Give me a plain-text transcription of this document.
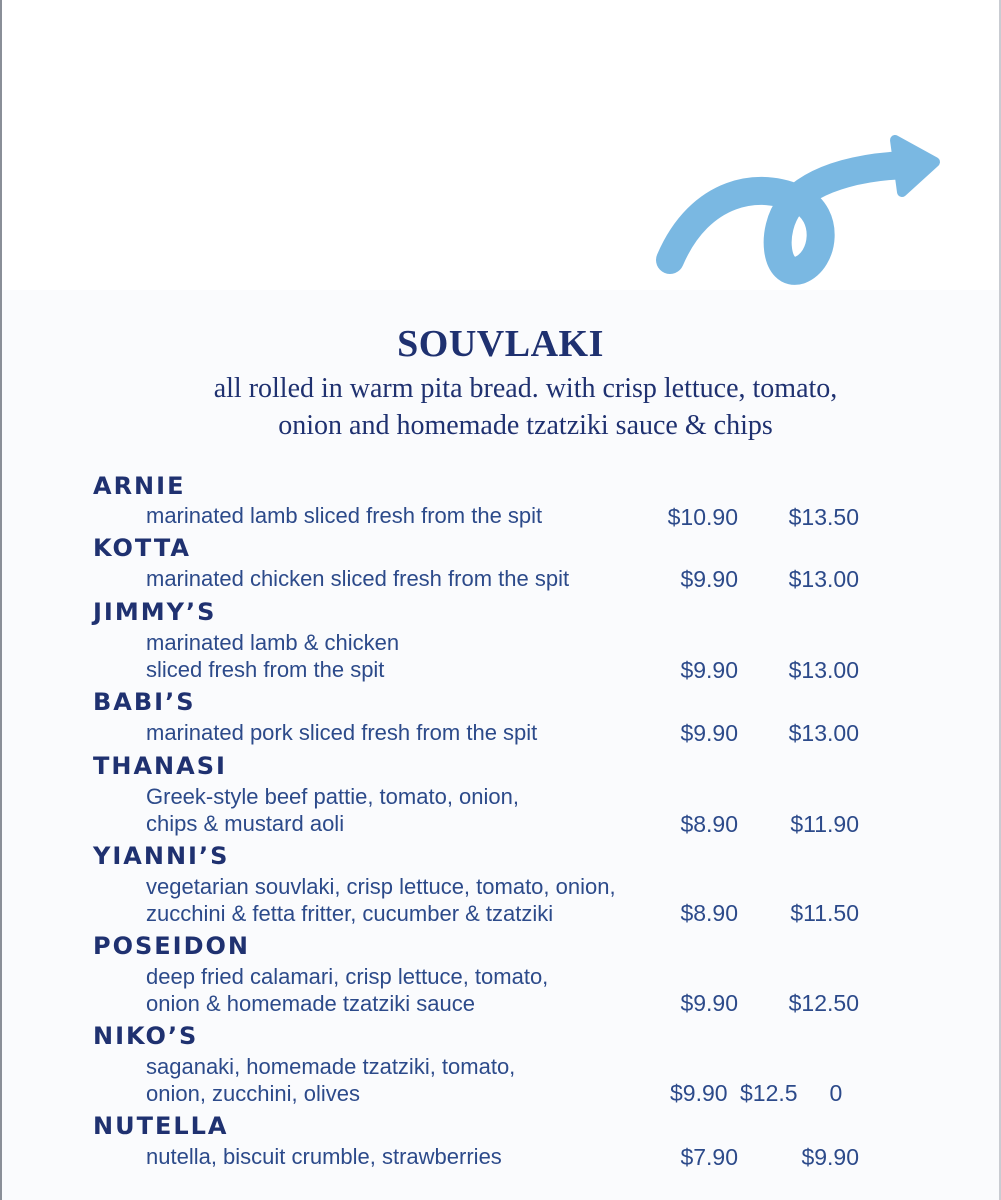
SOUVLAKI
all rolled in warm pita bread. with crisp lettuce, tomato,
onion and homemade tzatziki sauce & chips
ARNIE
marinated lamb sliced fresh from the spit	$10.90 $13.50
KOTTA
marinated chicken sliced fresh from the spit	$9.90 $13.00
JIMMY’S
marinated lamb & chicken
sliced fresh from the spit	$9.90 $13.00
BABI’S
marinated pork sliced fresh from the spit	$9.90 $13.00
THANASI
Greek-style beef pattie, tomato, onion,
chips & mustard aoli	$8.90 $11.90
YIANNI’S
vegetarian souvlaki, crisp lettuce, tomato, onion,
zucchini & fetta fritter, cucumber & tzatziki	$8.90 $11.50
POSEIDON
deep fried calamari, crisp lettuce, tomato,
onion & homemade tzatziki sauce	$9.90 $12.50
NIKO’S
saganaki, homemade tzatziki, tomato,
onion, zucchini, olives	$9.90 $12.5     0
NUTELLA
nutella, biscuit crumble, strawberries	$7.90	$9.90
